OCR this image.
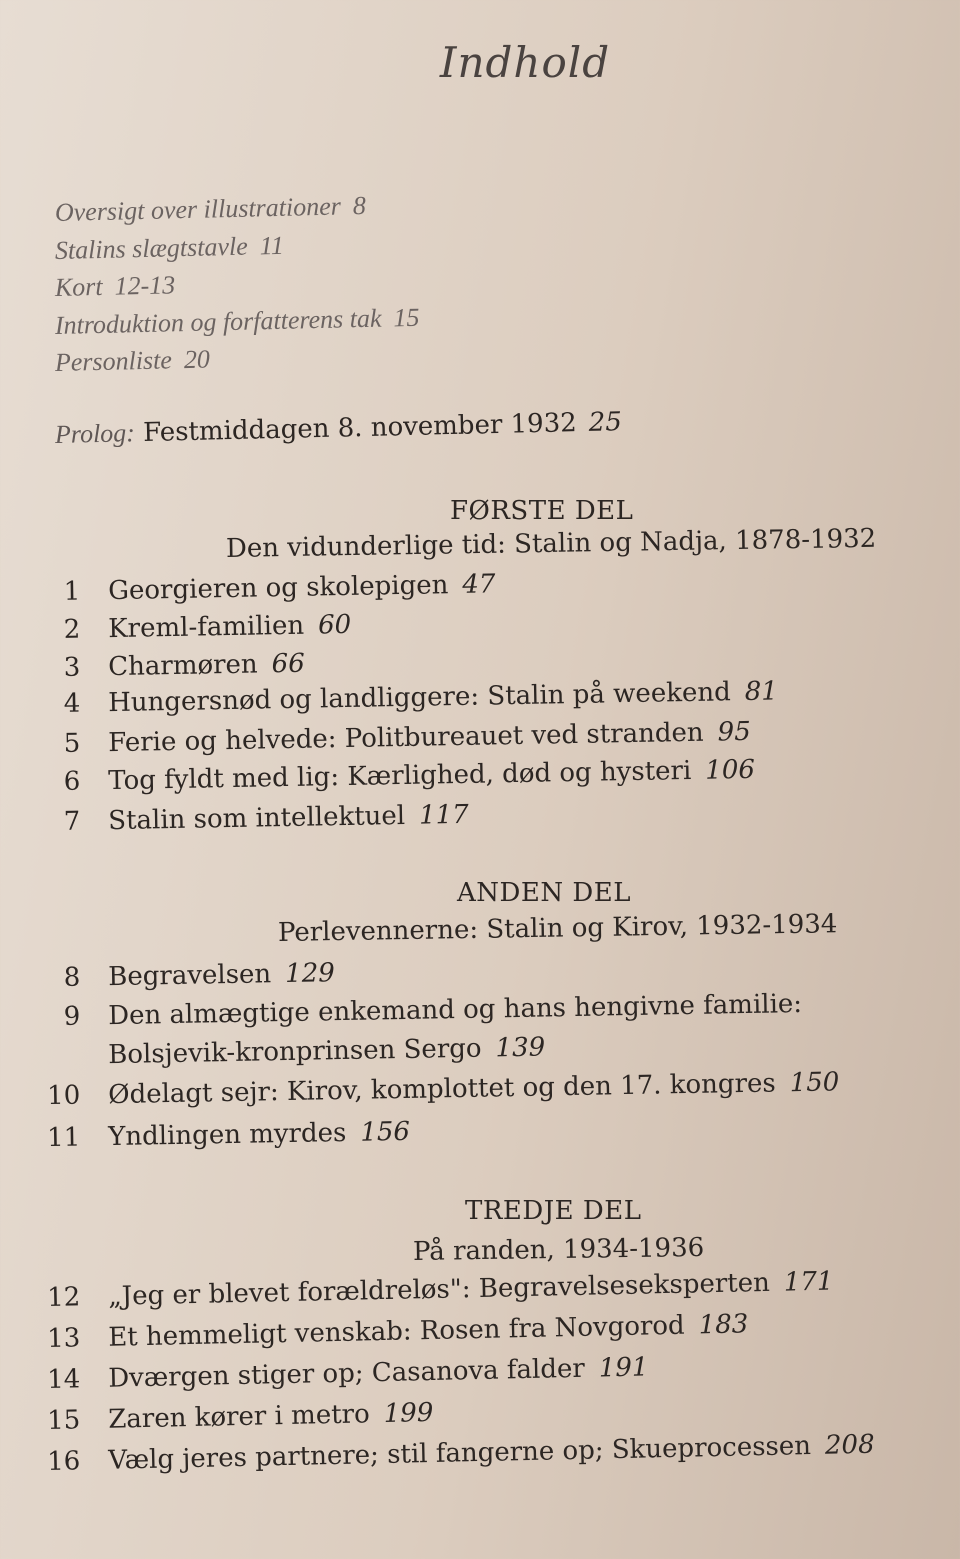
Indhold
Oversigt over illustrationer 8
Stalins slægtstavle 11
Kort 12-13
Introduktion og forfatterens tak 15
Personliste 20
Prolog: Festmiddagen 8. november 1932 25
FØRSTE DEL
Den vidunderlige tid: Stalin og Nadja, 1878-1932
1 Georgieren og skolepigen 47
2 Kreml-familien 60
3 Charmøren 66
4 Hungersnød og landliggere: Stalin på weekend 81
5 Ferie og helvede: Politbureauet ved stranden 95
6 Tog fyldt med lig: Kærlighed, død og hysteri 106
7 Stalin som intellektuel 117
ANDEN DEL
Perlevennerne: Stalin og Kirov, 1932-1934
8 Begravelsen 129
9 Den almægtige enkemand og hans hengivne familie:
Bolsjevik-kronprinsen Sergo 139
10 Ødelagt sejr: Kirov, komplottet og den 17. kongres 150
11 Yndlingen myrdes 156
TREDJE DEL
På randen, 1934-1936
12 „Jeg er blevet forældreløs": Begravelseseksperten 171
13 Et hemmeligt venskab: Rosen fra Novgorod 183
14 Dværgen stiger op; Casanova falder 191
15 Zaren kører i metro 199
16 Vælg jeres partnere; stil fangerne op; Skueprocessen 208
